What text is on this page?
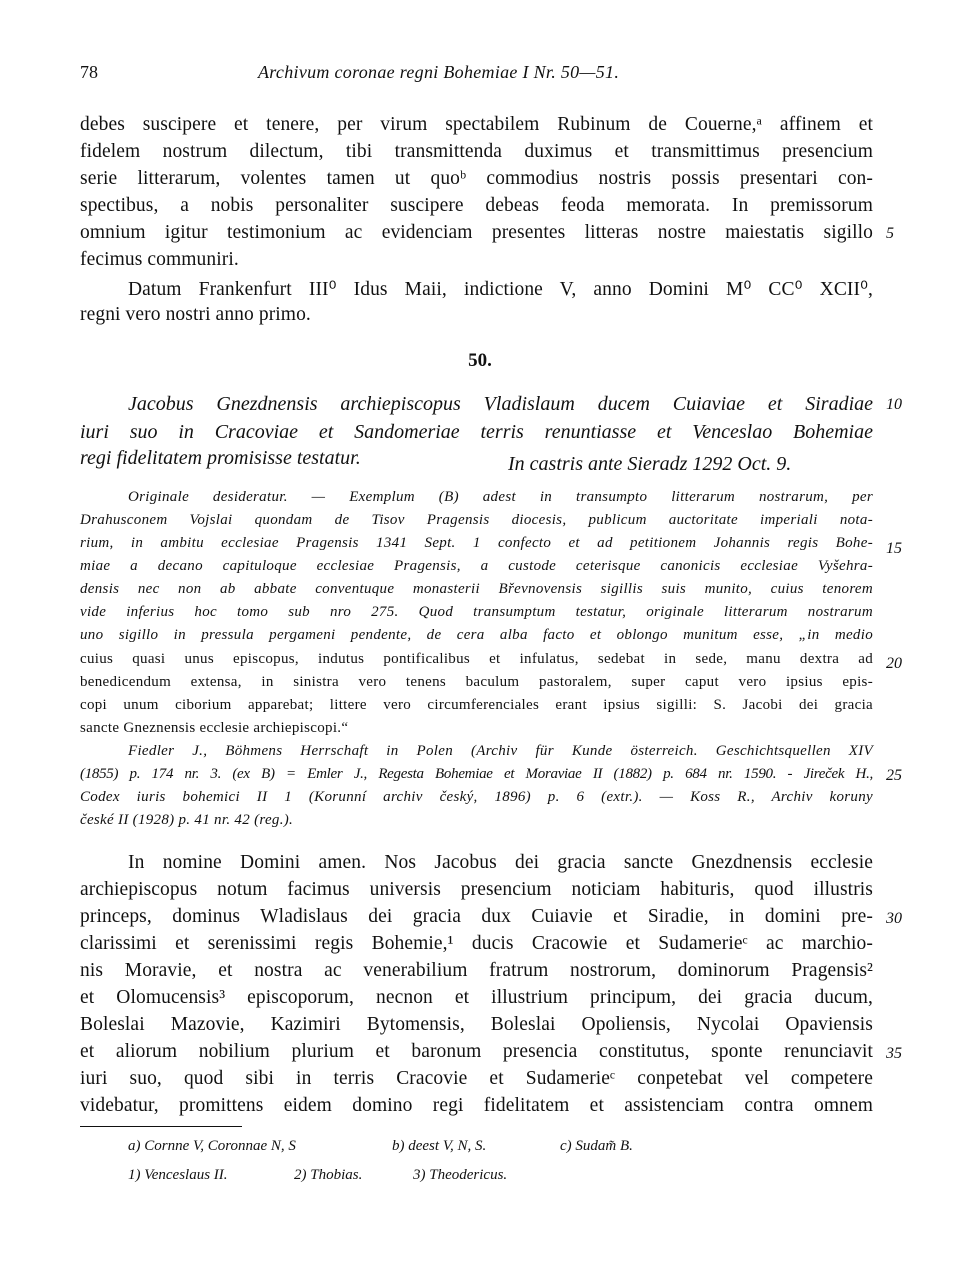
78	Archivum coronae regni Bohemiae I Nr. 50—51.
debes suscipere et tenere, per virum spectabilem Rubinum de Couerne,ᵃ affinem et
fidelem nostrum dilectum, tibi transmittenda duximus et transmittimus presencium
serie litterarum, volentes tamen ut quoᵇ commodius nostris possis presentari con-
spectibus, a nobis personaliter suscipere debeas feoda memorata. In premissorum
omnium igitur testimonium ac evidenciam presentes litteras nostre maiestatis sigillo
fecimus communiri.
Datum Frankenfurt III⁰ Idus Maii, indictione V, anno Domini M⁰ CC⁰ XCII⁰,
regni vero nostri anno primo.
5
50.
Jacobus Gnezdnensis archiepiscopus Vladislaum ducem Cuiaviae et Siradiae
iuri suo in Cracoviae et Sandomeriae terris renuntiasse et Venceslao Bohemiae
regi fidelitatem promisisse testatur.	In castris ante Sieradz 1292 Oct. 9.
10
Originale desideratur. — Exemplum (B) adest in transumpto litterarum nostrarum, per
Drahusconem Vojslai quondam de Tisov Pragensis diocesis, publicum auctoritate imperiali nota-
rium, in ambitu ecclesiae Pragensis 1341 Sept. 1 confecto et ad petitionem Johannis regis Bohe-
miae a decano capituloque ecclesiae Pragensis, a custode ceterisque canonicis ecclesiae Vyšehra-
densis nec non ab abbate conventuque monasterii Břevnovensis sigillis suis munito, cuius tenorem
vide inferius hoc tomo sub nro 275. Quod transumptum testatur, originale litterarum nostrarum
uno sigillo in pressula pergameni pendente, de cera alba facto et oblongo munitum esse, „in medio
cuius quasi unus episcopus, indutus pontificalibus et infulatus, sedebat in sede, manu dextra ad
benedicendum extensa, in sinistra vero tenens baculum pastoralem, super caput vero ipsius epis-
copi unum ciborium apparebat; littere vero circumferenciales erant ipsius sigilli: S. Jacobi dei gracia
sancte Gneznensis ecclesie archiepiscopi.“
15
20
Fiedler J., Böhmens Herrschaft in Polen (Archiv für Kunde österreich. Geschichtsquellen XIV
(1855) p. 174 nr. 3. (ex B) = Emler J., Regesta Bohemiae et Moraviae II (1882) p. 684 nr. 1590. - Jireček H.,
Codex iuris bohemici II 1 (Korunní archiv český, 1896) p. 6 (extr.). — Koss R., Archiv koruny
české II (1928) p. 41 nr. 42 (reg.).
25
In nomine Domini amen. Nos Jacobus dei gracia sancte Gnezdnensis ecclesie
archiepiscopus notum facimus universis presencium noticiam habituris, quod illustris
princeps, dominus Wladislaus dei gracia dux Cuiavie et Siradie, in domini pre-
clarissimi et serenissimi regis Bohemie,¹ ducis Cracowie et Sudamerieᶜ ac marchio-
nis Moravie, et nostra ac venerabilium fratrum nostrorum, dominorum Pragensis²
et Olomucensis³ episcoporum, necnon et illustrium principum, dei gracia ducum,
Boleslai Mazovie, Kazimiri Bytomensis, Boleslai Opoliensis, Nycolai Opaviensis
et aliorum nobilium plurium et baronum presencia constitutus, sponte renunciavit
iuri suo, quod sibi in terris Cracovie et Sudamerieᶜ conpetebat vel competere
videbatur, promittens eidem domino regi fidelitatem et assistenciam contra omnem
30
35
a) Cornne V, Coronnae N, S	b) deest V, N, S.	c) Sudam̃ B.
1) Venceslaus II.	2) Thobias.	3) Theodericus.
